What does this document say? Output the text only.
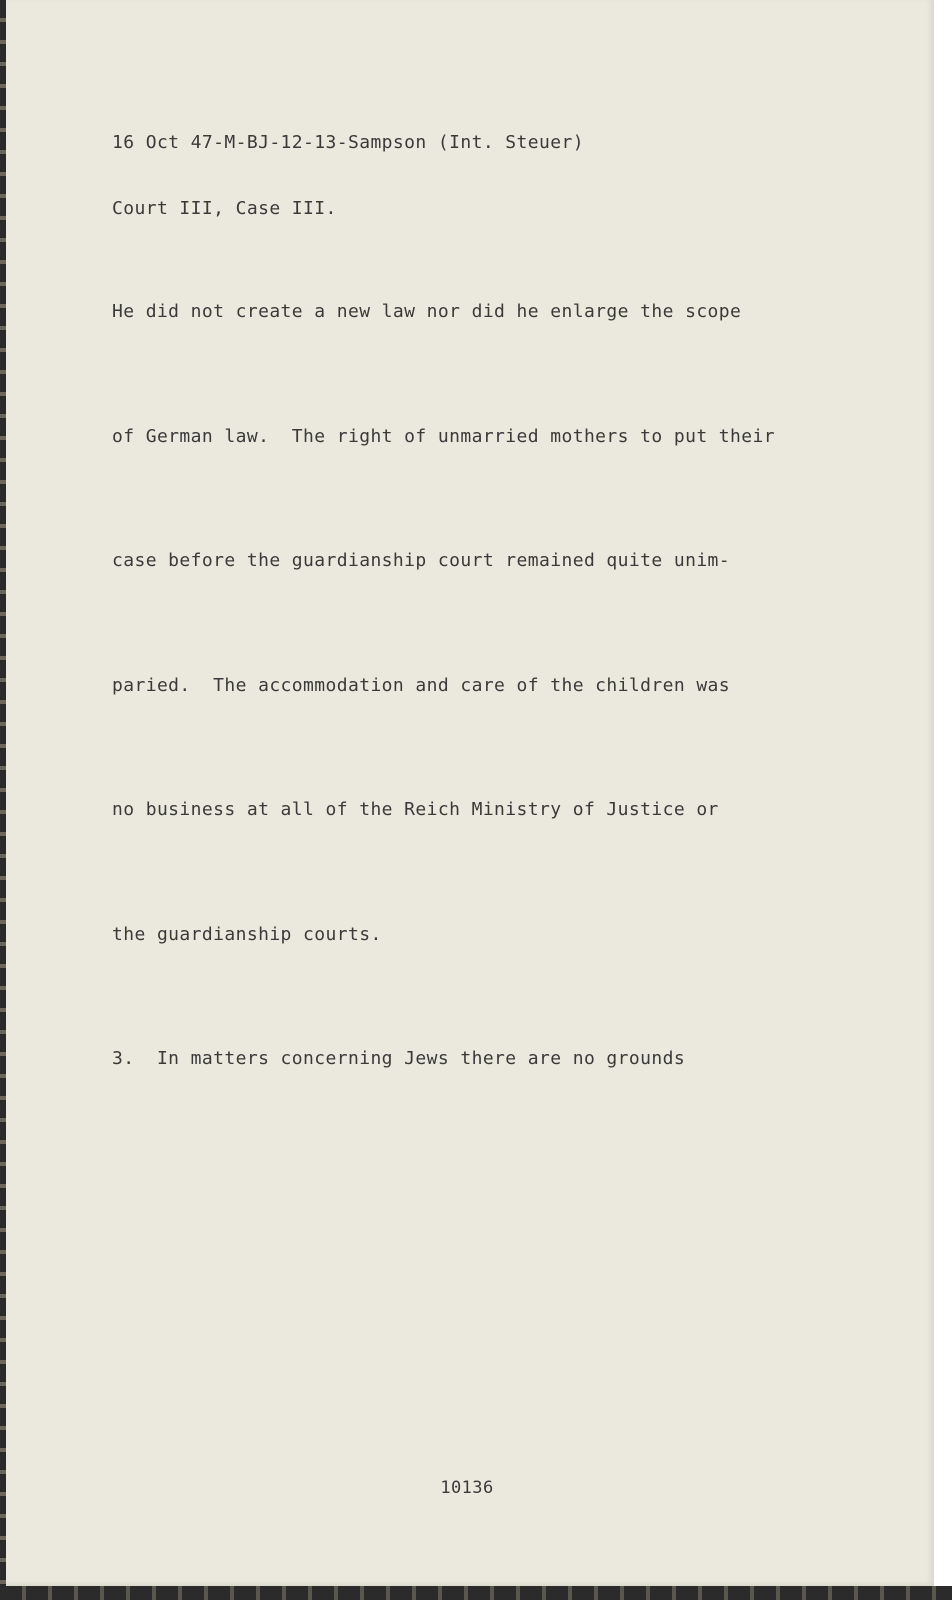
16 Oct 47-M-BJ-12-13-Sampson (Int. Steuer)

Court III, Case III.

He did not create a new law nor did he enlarge the scope

of German law.  The right of unmarried mothers to put their

case before the guardianship court remained quite unim-

paried.  The accommodation and care of the children was

no business at all of the Reich Ministry of Justice or

the guardianship courts.

3.  In matters concerning Jews there are no grounds

10136
